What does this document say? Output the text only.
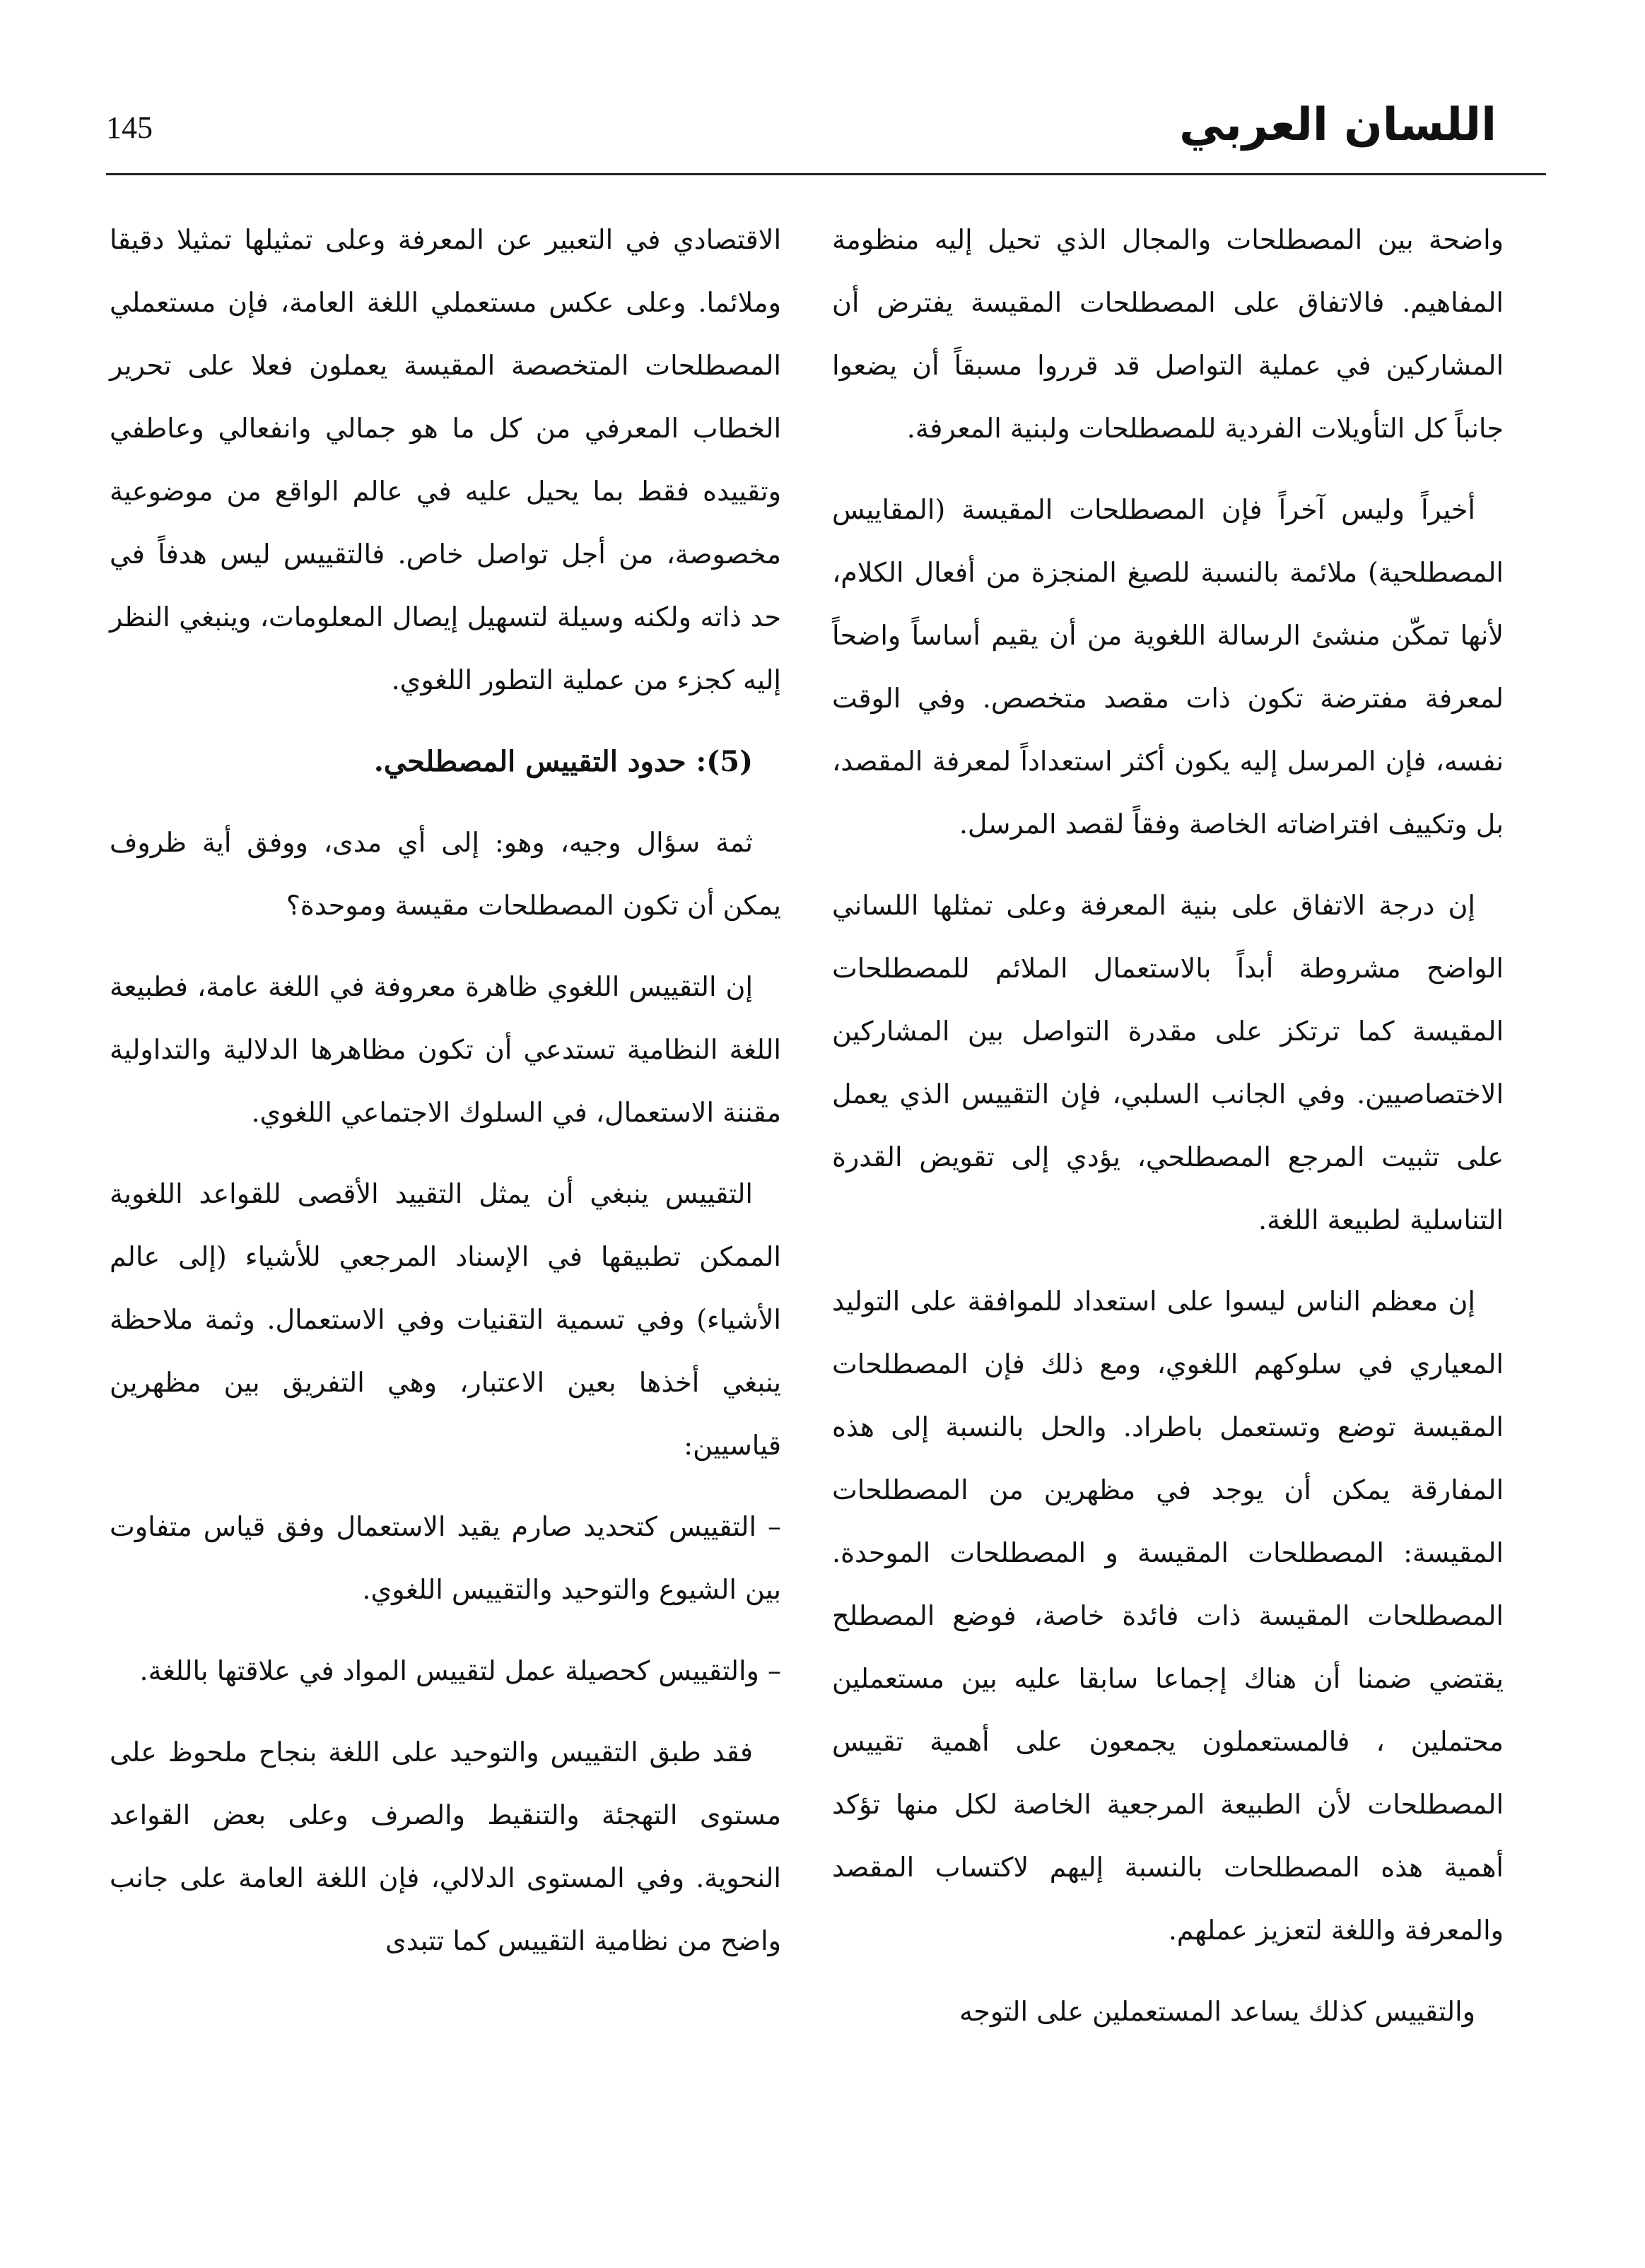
145	اللسان العربي

واضحة بين المصطلحات والمجال الذي تحيل إليه منظومة المفاهيم. فالاتفاق على المصطلحات المقيسة يفترض أن المشاركين في عملية التواصل قد قرروا مسبقاً أن يضعوا جانباً كل التأويلات الفردية للمصطلحات ولبنية المعرفة.

أخيراً وليس آخراً فإن المصطلحات المقيسة (المقاييس المصطلحية) ملائمة بالنسبة للصيغ المنجزة من أفعال الكلام، لأنها تمكّن منشئ الرسالة اللغوية من أن يقيم أساساً واضحاً لمعرفة مفترضة تكون ذات مقصد متخصص. وفي الوقت نفسه، فإن المرسل إليه يكون أكثر استعداداً لمعرفة المقصد، بل وتكييف افتراضاته الخاصة وفقاً لقصد المرسل.

إن درجة الاتفاق على بنية المعرفة وعلى تمثلها اللساني الواضح مشروطة أبداً بالاستعمال الملائم للمصطلحات المقيسة كما ترتكز على مقدرة التواصل بين المشاركين الاختصاصيين. وفي الجانب السلبي، فإن التقييس الذي يعمل على تثبيت المرجع المصطلحي، يؤدي إلى تقويض القدرة التناسلية لطبيعة اللغة.

إن معظم الناس ليسوا على استعداد للموافقة على التوليد المعياري في سلوكهم اللغوي، ومع ذلك فإن المصطلحات المقيسة توضع وتستعمل باطراد. والحل بالنسبة إلى هذه المفارقة يمكن أن يوجد في مظهرين من المصطلحات المقيسة: المصطلحات المقيسة و المصطلحات الموحدة. المصطلحات المقيسة ذات فائدة خاصة، فوضع المصطلح يقتضي ضمنا أن هناك إجماعا سابقا عليه بين مستعملين محتملين ، فالمستعملون يجمعون على أهمية تقييس المصطلحات لأن الطبيعة المرجعية الخاصة لكل منها تؤكد أهمية هذه المصطلحات بالنسبة إليهم لاكتساب المقصد والمعرفة واللغة لتعزيز عملهم.

والتقييس كذلك يساعد المستعملين على التوجه

الاقتصادي في التعبير عن المعرفة وعلى تمثيلها تمثيلا دقيقا وملائما. وعلى عكس مستعملي اللغة العامة، فإن مستعملي المصطلحات المتخصصة المقيسة يعملون فعلا على تحرير الخطاب المعرفي من كل ما هو جمالي وانفعالي وعاطفي وتقييده فقط بما يحيل عليه في عالم الواقع من موضوعية مخصوصة، من أجل تواصل خاص. فالتقييس ليس هدفاً في حد ذاته ولكنه وسيلة لتسهيل إيصال المعلومات، وينبغي النظر إليه كجزء من عملية التطور اللغوي.

(5): حدود التقييس المصطلحي.

ثمة سؤال وجيه، وهو: إلى أي مدى، ووفق أية ظروف يمكن أن تكون المصطلحات مقيسة وموحدة؟

إن التقييس اللغوي ظاهرة معروفة في اللغة عامة، فطبيعة اللغة النظامية تستدعي أن تكون مظاهرها الدلالية والتداولية مقننة الاستعمال، في السلوك الاجتماعي اللغوي.

التقييس ينبغي أن يمثل التقييد الأقصى للقواعد اللغوية الممكن تطبيقها في الإسناد المرجعي للأشياء (إلى عالم الأشياء) وفي تسمية التقنيات وفي الاستعمال. وثمة ملاحظة ينبغي أخذها بعين الاعتبار، وهي التفريق بين مظهرين قياسيين:

– التقييس كتحديد صارم يقيد الاستعمال وفق قياس متفاوت بين الشيوع والتوحيد والتقييس اللغوي.

– والتقييس كحصيلة عمل لتقييس المواد في علاقتها باللغة.

فقد طبق التقييس والتوحيد على اللغة بنجاح ملحوظ على مستوى التهجئة والتنقيط والصرف وعلى بعض القواعد النحوية. وفي المستوى الدلالي، فإن اللغة العامة على جانب واضح من نظامية التقييس كما تتبدى
